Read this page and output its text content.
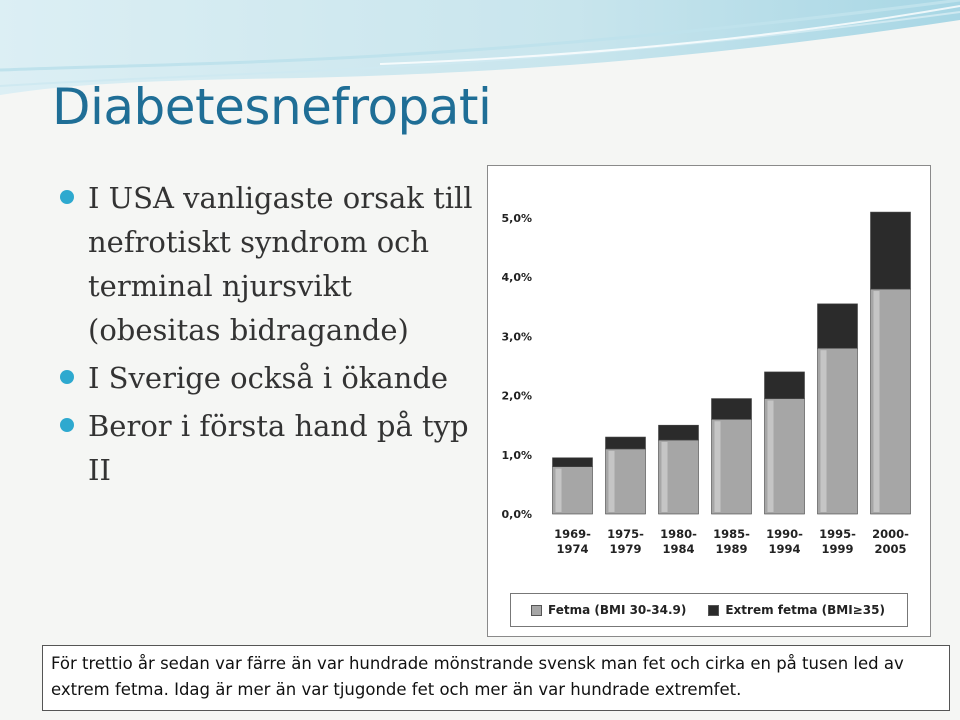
Diabetesnefropati
I USA vanligaste orsak till nefrotiskt syndrom och terminal njursvikt (obesitas bidragande)
I Sverige också i ökande
Beror i första hand på typ II
0,0%
1,0%
2,0%
3,0%
4,0%
5,0%
1969-
1974
1975-
1979
1980-
1984
1985-
1989
1990-
1994
1995-
1999
2000-
2005
Fetma (BMI 30-34.9)	Extrem fetma (BMI≥35)
För trettio år sedan var färre än var hundrade mönstrande svensk man fet och cirka en på tusen led av extrem fetma. Idag är mer än var tjugonde fet och mer än var hundrade extremfet.
